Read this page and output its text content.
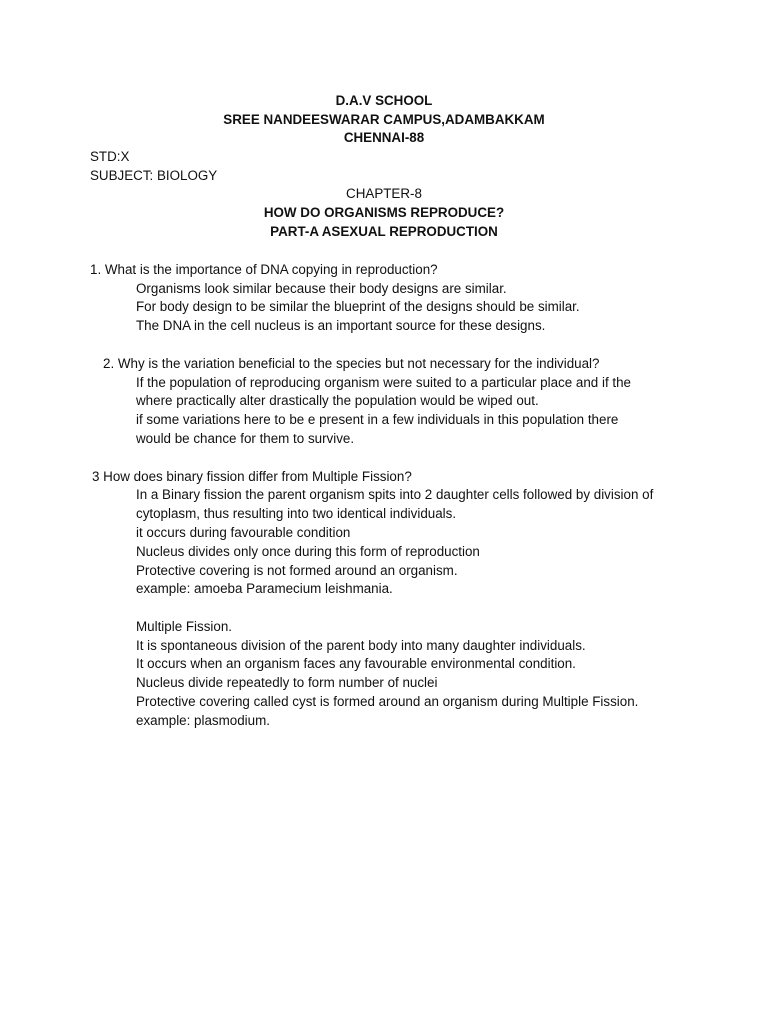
D.A.V SCHOOL
SREE NANDEESWARAR CAMPUS,ADAMBAKKAM
CHENNAI-88
STD:X
SUBJECT: BIOLOGY
CHAPTER-8
HOW DO ORGANISMS REPRODUCE?
PART-A ASEXUAL REPRODUCTION
1. What is the importance of DNA copying in reproduction?
Organisms look similar because their body designs are similar.
For body design to be similar the blueprint of the designs should be similar.
The DNA in the cell nucleus is an important source for these designs.
2. Why is the variation beneficial to the species but not necessary for the individual?
If the population of reproducing organism were suited to a particular place and if the
where practically alter drastically the population would be wiped out.
if some variations here to be e present in a few individuals in this population there
would be chance for them to survive.
3 How does binary fission differ from Multiple Fission?
In a Binary fission the parent organism spits into 2 daughter cells followed by division of
cytoplasm, thus resulting into two identical individuals.
it occurs during favourable condition
Nucleus divides only once during this form of reproduction
Protective covering is not formed around an organism.
example: amoeba Paramecium leishmania.
Multiple Fission.
It is spontaneous division of the parent body into many daughter individuals.
It occurs when an organism faces any favourable environmental condition.
Nucleus divide repeatedly to form number of nuclei
Protective covering called cyst is formed around an organism during Multiple Fission.
example: plasmodium.
